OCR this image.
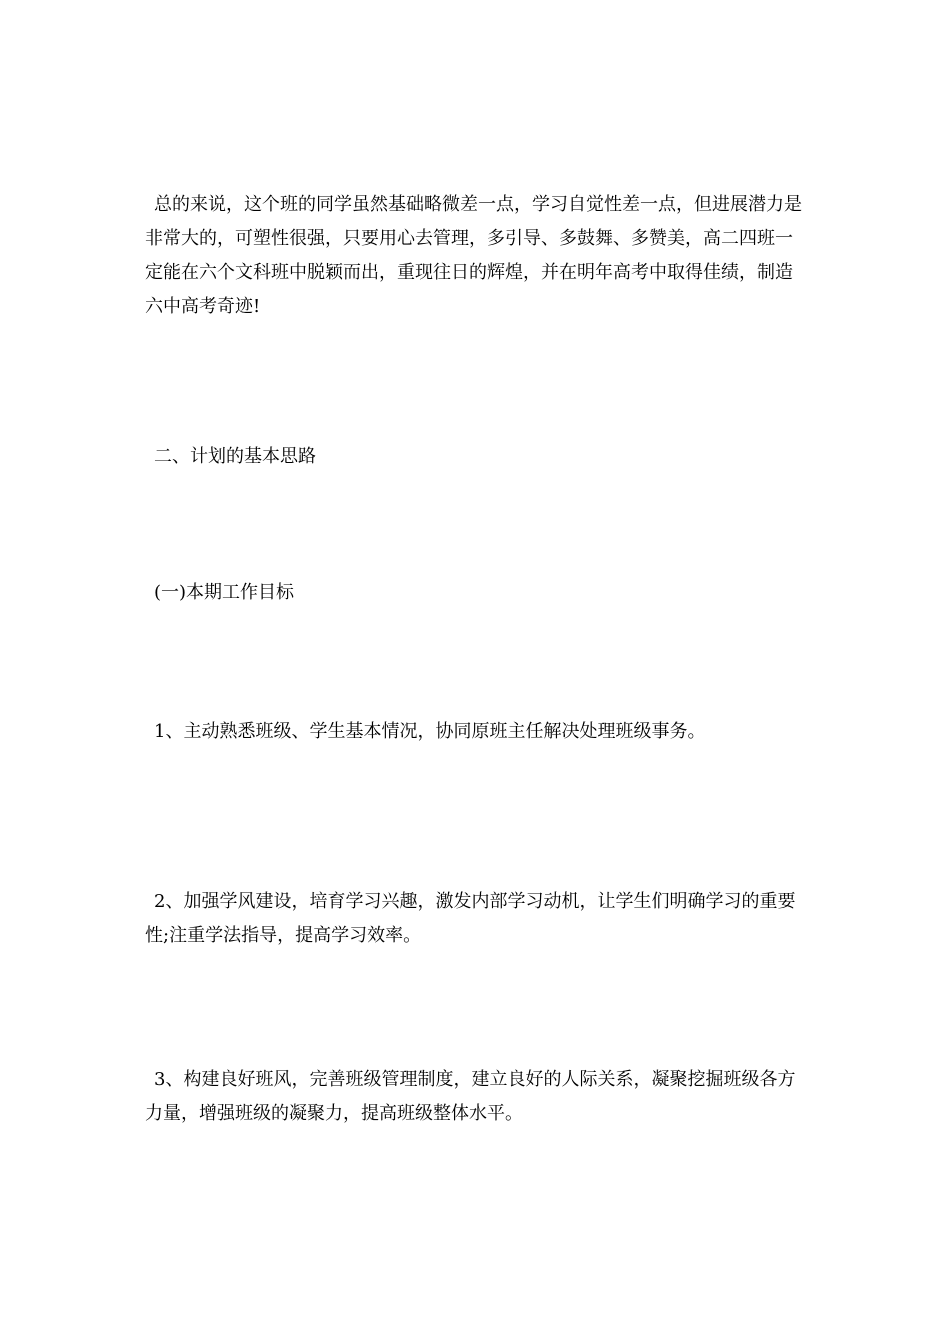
总的来说，这个班的同学虽然基础略微差一点，学习自觉性差一点，但进展潜力是非常大的，可塑性很强，只要用心去管理，多引导、多鼓舞、多赞美，高二四班一定能在六个文科班中脱颖而出，重现往日的辉煌，并在明年高考中取得佳绩，制造六中高考奇迹!

二、计划的基本思路

(一)本期工作目标

1、主动熟悉班级、学生基本情况，协同原班主任解决处理班级事务。

2、加强学风建设，培育学习兴趣，激发内部学习动机，让学生们明确学习的重要性;注重学法指导，提高学习效率。

3、构建良好班风，完善班级管理制度，建立良好的人际关系，凝聚挖掘班级各方力量，增强班级的凝聚力，提高班级整体水平。
